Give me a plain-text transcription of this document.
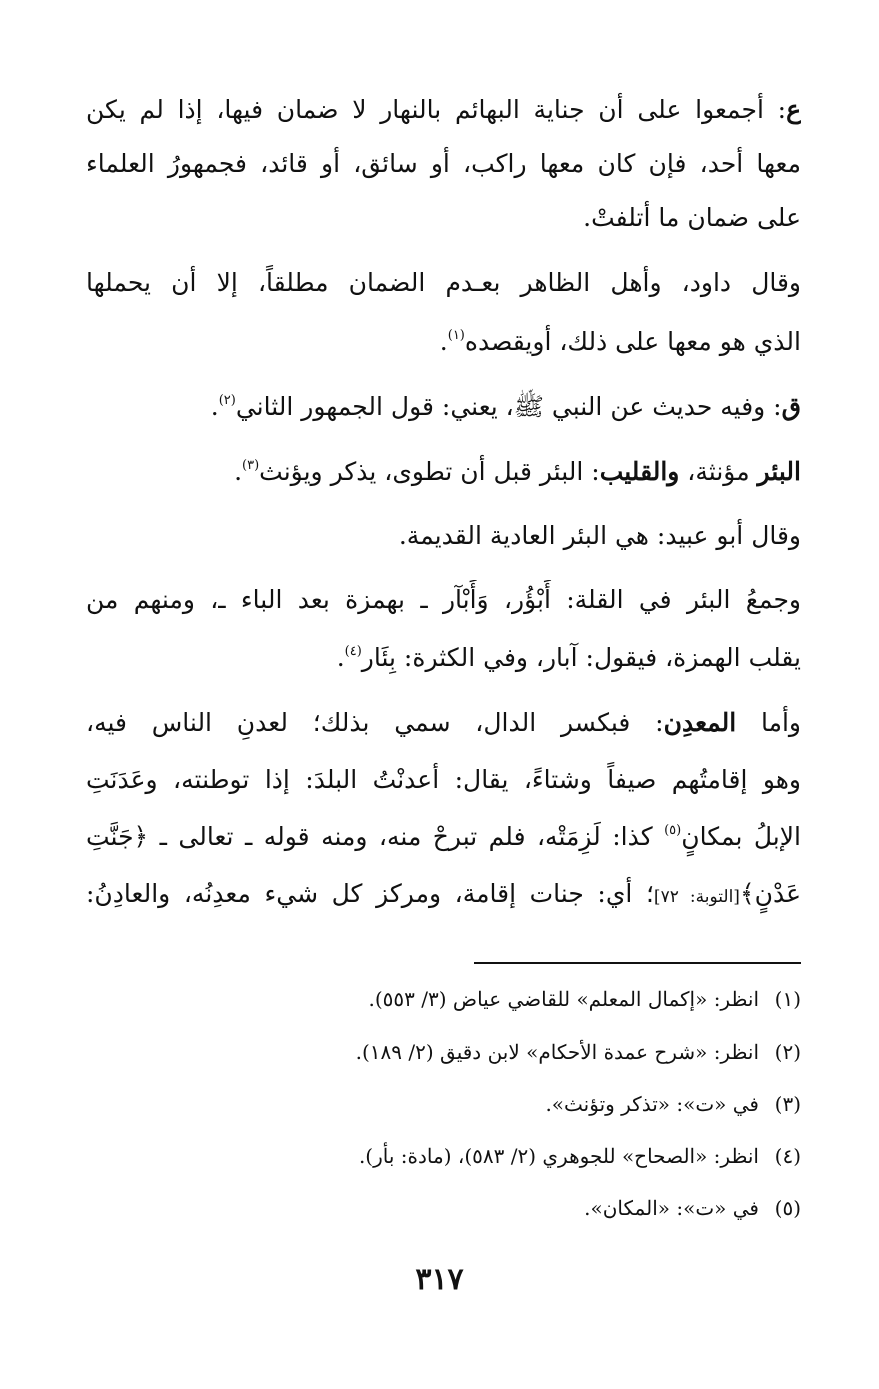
ع: أجمعوا على أن جناية البهائم بالنهار لا ضمان فيها، إذا لم يكن
معها أحد، فإن كان معها راكب، أو سائق، أو قائد، فجمهورُ العلماء
على ضمان ما أتلفتْ.
وقال داود، وأهل الظاهر بعـدم الضمان مطلقاً، إلا أن يحملها
الذي هو معها على ذلك، أويقصده$^{(١)}$.
ق: وفيه حديث عن النبي ﷺ، يعني: قول الجمهور الثاني$^{(٢)}$.
البئر مؤنثة، والقليب: البئر قبل أن تطوى، يذكر ويؤنث$^{(٣)}$.
وقال أبو عبيد: هي البئر العادية القديمة.
وجمعُ البئر في القلة: أَبْؤُر، وَأَبْآر ـ بهمزة بعد الباء ـ، ومنهم من
يقلب الهمزة، فيقول: آبار، وفي الكثرة: بِئَار$^{(٤)}$.
وأما المعدِن: فبكسر الدال، سمي بذلك؛ لعدنِ الناس فيه،
وهو إقامتُهم صيفاً وشتاءً، يقال: أعدنْتُ البلدَ: إذا توطنته، وعَدَنَتِ
الإبلُ بمكانٍ$^{(٥)}$ كذا: لَزِمَتْه، فلم تبرحْ منه، ومنه قوله ـ تعالى ـ ﴿جَنَّتِ
عَدْنٍ﴾[التوبة: ٧٢]؛ أي: جنات إقامة، ومركز كل شيء معدِنُه، والعادِنُ:
(١)انظر: «إكمال المعلم» للقاضي عياض (٣/ ٥٥٣).
(٢)انظر: «شرح عمدة الأحكام» لابن دقيق (٢/ ١٨٩).
(٣)في «ت»: «تذكر وتؤنث».
(٤)انظر: «الصحاح» للجوهري (٢/ ٥٨٣)، (مادة: بأر).
(٥)في «ت»: «المكان».
٣١٧
